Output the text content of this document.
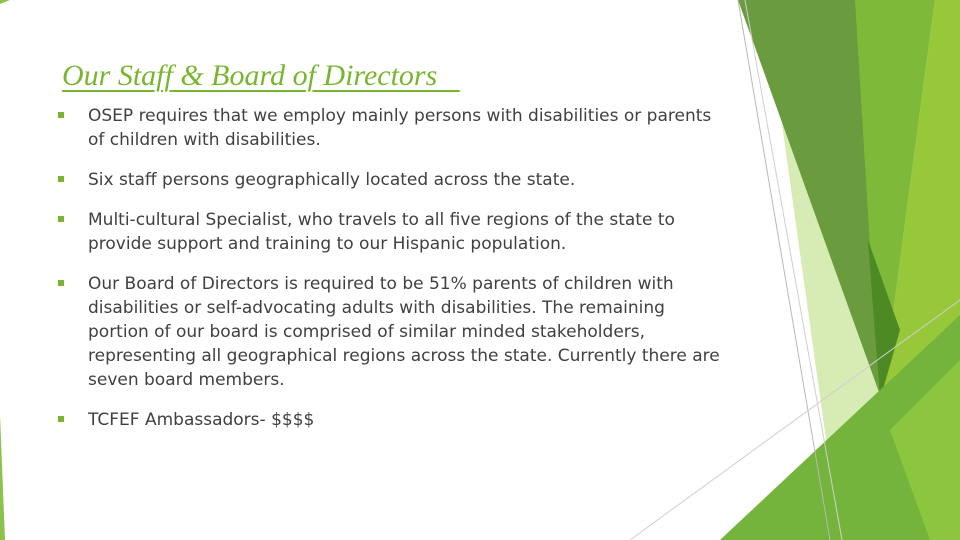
Our Staff & Board of Directors
OSEP requires that we employ mainly persons with disabilities or parents of children with disabilities.
Six staff persons geographically located across the state.
Multi-cultural Specialist, who travels to all five regions of the state to provide support and training to our Hispanic population.
Our Board of Directors is required to be 51% parents of children with disabilities or self-advocating adults with disabilities. The remaining portion of our board is comprised of similar minded stakeholders, representing all geographical regions across the state. Currently there are seven board members.
TCFEF Ambassadors- $$$$
